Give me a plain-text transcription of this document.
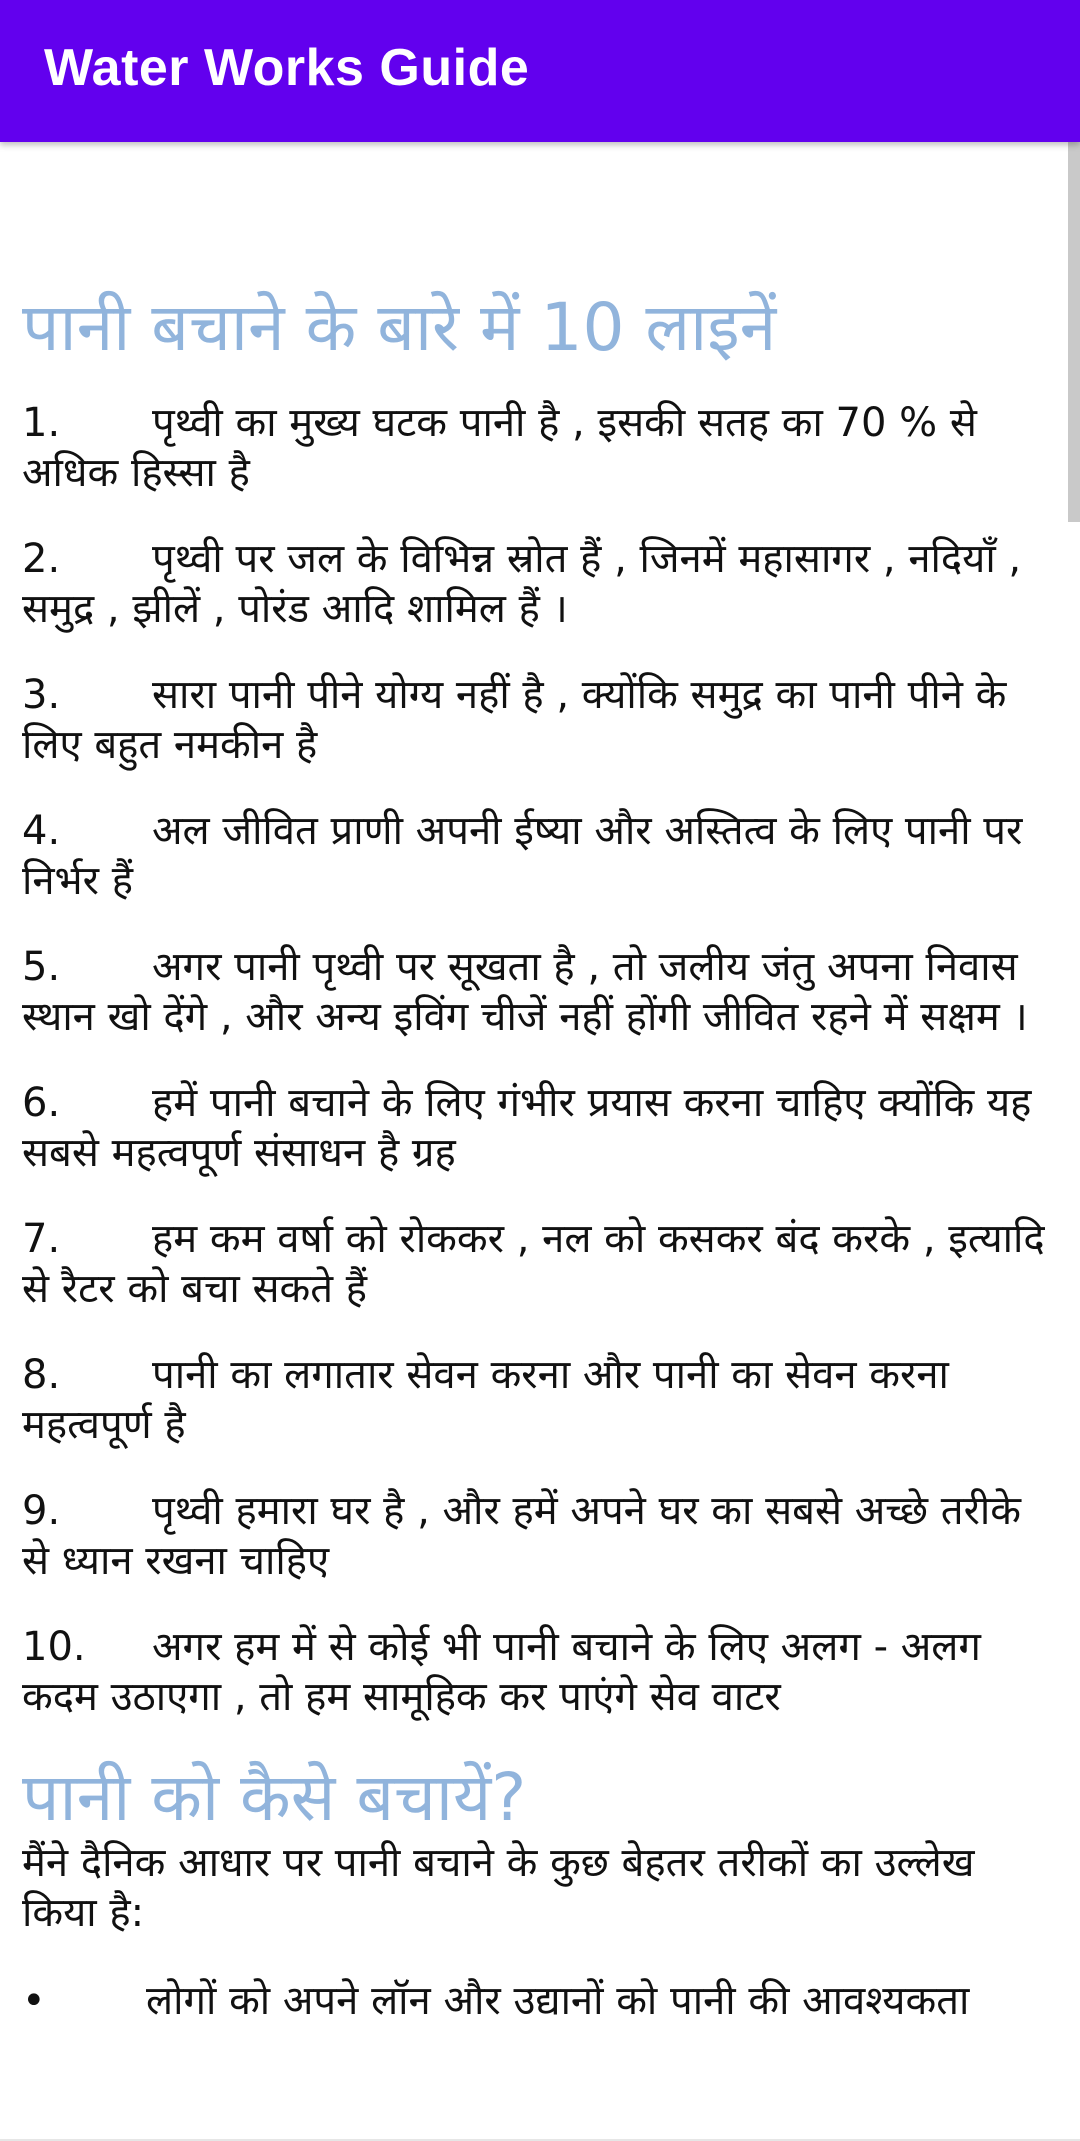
Water Works Guide
पानी बचाने के बारे में 10 लाइनें

1. पृथ्वी का मुख्य घटक पानी है , इसकी सतह का 70 % से अधिक हिस्सा है

2. पृथ्वी पर जल के विभिन्न स्रोत हैं , जिनमें महासागर , नदियाँ , समुद्र , झीलें , पोरंड आदि शामिल हैं ।

3. सारा पानी पीने योग्य नहीं है , क्योंकि समुद्र का पानी पीने के लिए बहुत नमकीन है

4. अल जीवित प्राणी अपनी ईष्या और अस्तित्व के लिए पानी पर निर्भर हैं

5. अगर पानी पृथ्वी पर सूखता है , तो जलीय जंतु अपना निवास स्थान खो देंगे , और अन्य इविंग चीजें नहीं होंगी जीवित रहने में सक्षम ।

6. हमें पानी बचाने के लिए गंभीर प्रयास करना चाहिए क्योंकि यह सबसे महत्वपूर्ण संसाधन है ग्रह

7. हम कम वर्षा को रोककर , नल को कसकर बंद करके , इत्यादि से रैटर को बचा सकते हैं

8. पानी का लगातार सेवन करना और पानी का सेवन करना महत्वपूर्ण है

9. पृथ्वी हमारा घर है , और हमें अपने घर का सबसे अच्छे तरीके से ध्यान रखना चाहिए

10. अगर हम में से कोई भी पानी बचाने के लिए अलग - अलग कदम उठाएगा , तो हम सामूहिक कर पाएंगे सेव वाटर

पानी को कैसे बचायें?

मैंने दैनिक आधार पर पानी बचाने के कुछ बेहतर तरीकों का उल्लेख किया है:

•	लोगों को अपने लॉन और उद्यानों को पानी की आवश्यकता
